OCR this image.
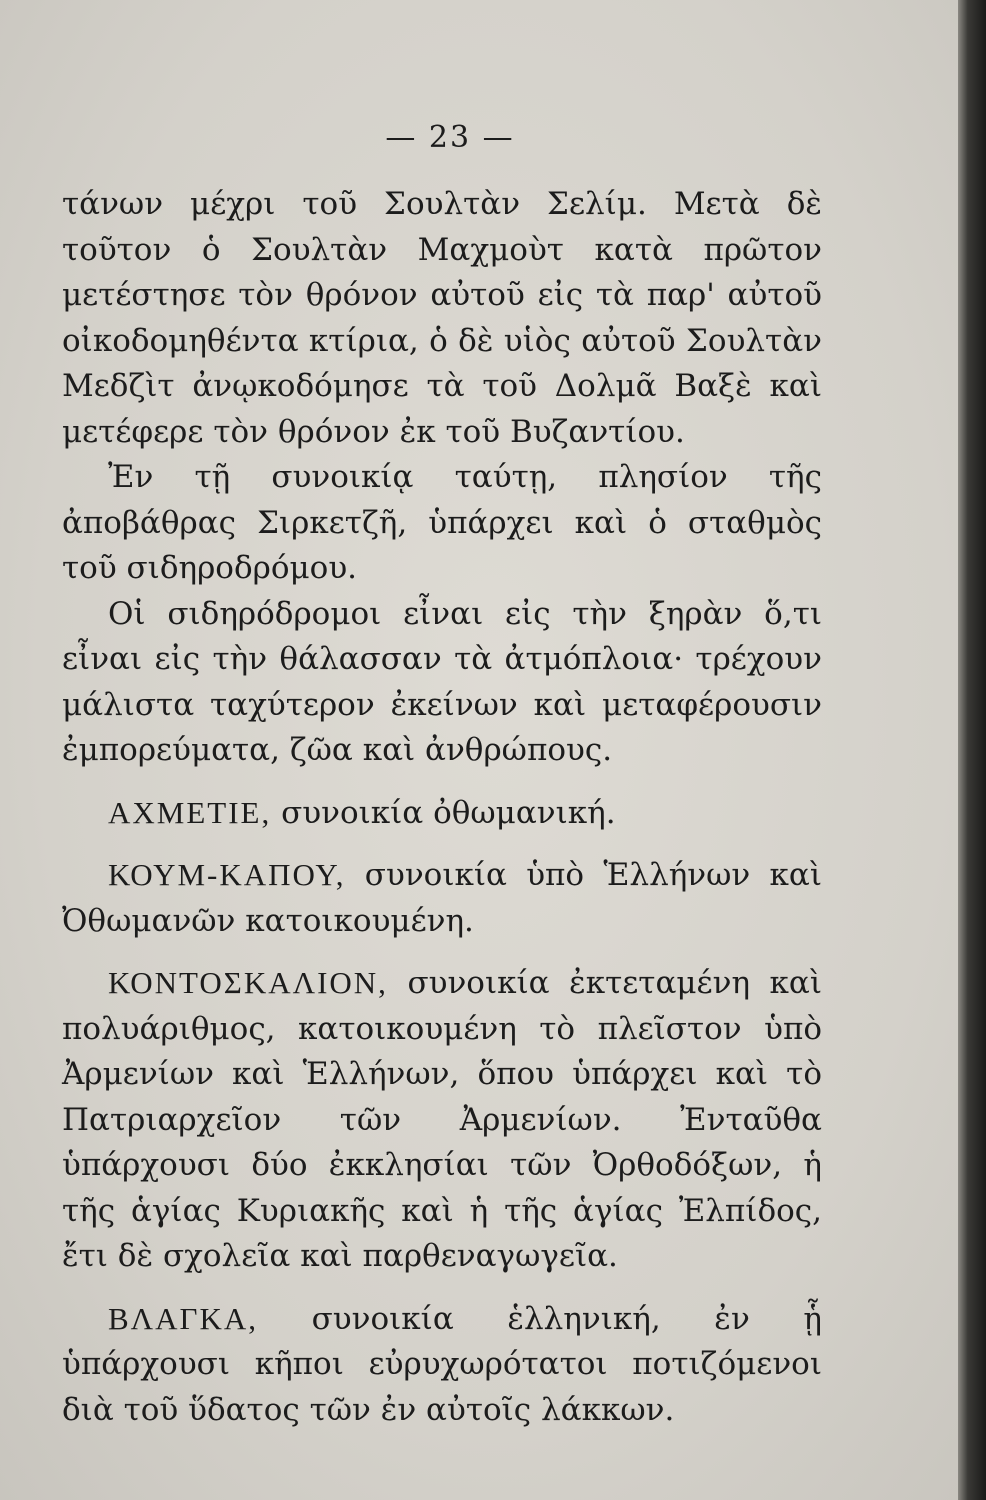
— 23 —

τάνων μέχρι τοῦ Σουλτὰν Σελίμ. Μετὰ δὲ τοῦτον ὁ Σουλτὰν Μαχμοὺτ κατὰ πρῶτον μετέστησε τὸν θρόνον αὐτοῦ εἰς τὰ παρ' αὐτοῦ οἰκοδομηθέντα κτίρια, ὁ δὲ υἱὸς αὐτοῦ Σουλτὰν Μεδζὶτ ἀνῳκοδόμησε τὰ τοῦ Δολμᾶ Βαξὲ καὶ μετέφερε τὸν θρόνον ἐκ τοῦ Βυζαντίου.

Ἐν τῇ συνοικίᾳ ταύτῃ, πλησίον τῆς ἀποβάθρας Σιρκετζῆ, ὑπάρχει καὶ ὁ σταθμὸς τοῦ σιδηροδρόμου.

Οἱ σιδηρόδρομοι εἶναι εἰς τὴν ξηρὰν ὅ,τι εἶναι εἰς τὴν θάλασσαν τὰ ἀτμόπλοια· τρέχουν μάλιστα ταχύτερον ἐκείνων καὶ μεταφέρουσιν ἐμπορεύματα, ζῶα καὶ ἀνθρώπους.

ΑΧΜΕΤΙΕ, συνοικία ὀθωμανική.

ΚΟΥΜ-ΚΑΠΟΥ, συνοικία ὑπὸ Ἑλλήνων καὶ Ὀθωμανῶν κατοικουμένη.

ΚΟΝΤΟΣΚΑΛΙΟΝ, συνοικία ἐκτεταμένη καὶ πολυάριθμος, κατοικουμένη τὸ πλεῖστον ὑπὸ Ἀρμενίων καὶ Ἑλλήνων, ὅπου ὑπάρχει καὶ τὸ Πατριαρχεῖον τῶν Ἀρμενίων. Ἐνταῦθα ὑπάρχουσι δύο ἐκκλησίαι τῶν Ὀρθοδόξων, ἡ τῆς ἁγίας Κυριακῆς καὶ ἡ τῆς ἁγίας Ἐλπίδος, ἔτι δὲ σχολεῖα καὶ παρθεναγωγεῖα.

ΒΛΑΓΚΑ, συνοικία ἑλληνική, ἐν ᾗ ὑπάρχουσι κῆποι εὐρυχωρότατοι ποτιζόμενοι διὰ τοῦ ὕδατος τῶν ἐν αὐτοῖς λάκκων.
